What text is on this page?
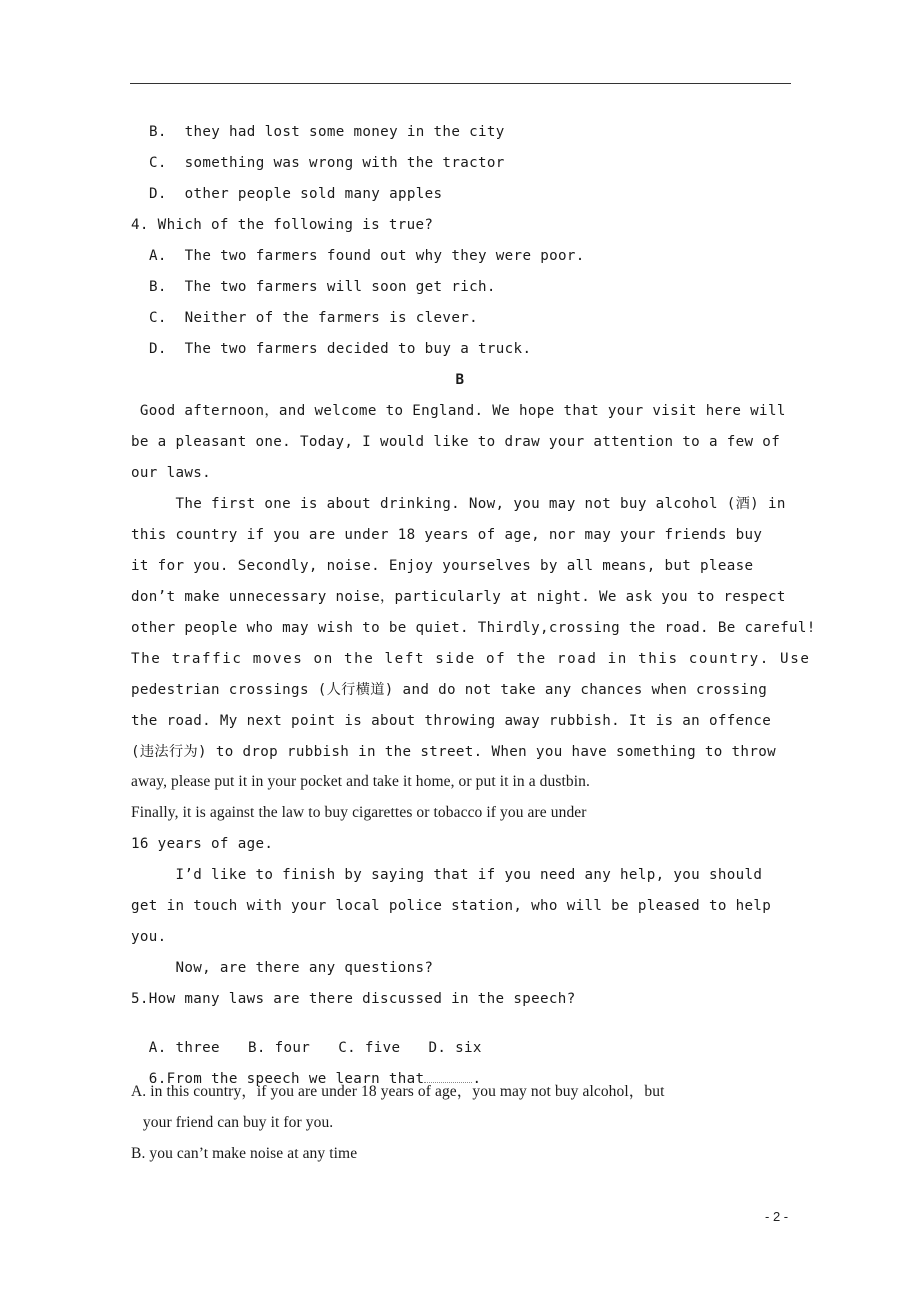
B.  they had lost some money in the city
C.  something was wrong with the tractor
D.  other people sold many apples
4. Which of the following is true?
A.  The two farmers found out why they were poor.
B.  The two farmers will soon get rich.
C.  Neither of the farmers is clever.
D.  The two farmers decided to buy a truck.
B
Good afternoon，and welcome to England. We hope that your visit here will
be a pleasant one. Today, I would like to draw your attention to a few of
our laws.
The first one is about drinking. Now, you may not buy alcohol (酒) in
this country if you are under 18 years of age, nor may your friends buy
it for you. Secondly, noise. Enjoy yourselves by all means, but please
don’t make unnecessary noise，particularly at night. We ask you to respect
other people who may wish to be quiet. Thirdly,crossing the road. Be careful!
The traffic moves on the left side of the road in this country. Use
pedestrian crossings (人行横道) and do not take any chances when crossing
the road. My next point is about throwing away rubbish. It is an offence
(违法行为) to drop rubbish in the street. When you have something to throw
away, please put it in your pocket and take it home, or put it in a dustbin.
Finally, it is against the law to buy cigarettes or tobacco if you are under
16 years of age.
I’d like to finish by saying that if you need any help, you should
get in touch with your local police station, who will be pleased to help
you.
Now, are there any questions?
5.How many laws are there discussed in the speech?

A. three B. four C. five D. six

6.From the speech we learn that	.

A. in this country，if you are under 18 years of age，you may not buy alcohol，but
your friend can buy it for you.
B. you can’t make noise at any time
- 2 -
